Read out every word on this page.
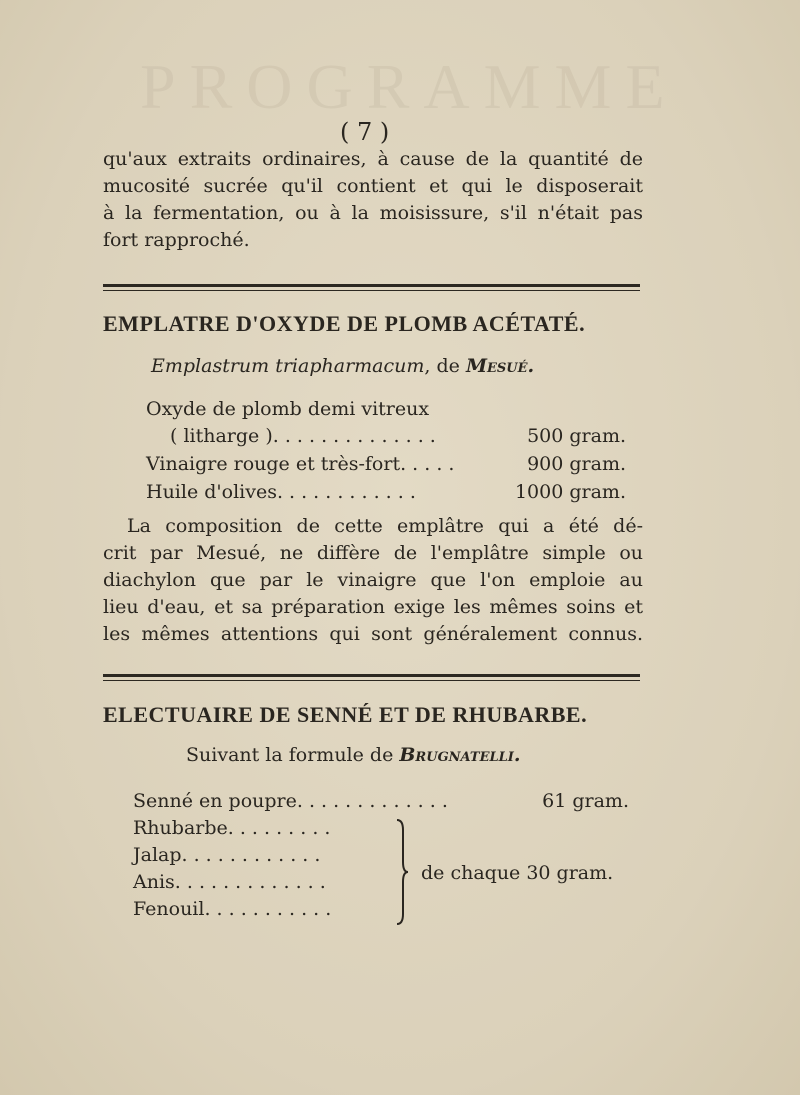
PROGRAMME
( 7 )
qu'aux extraits ordinaires, à cause de la quantité de
mucosité sucrée qu'il contient et qui le disposerait
à la fermentation, ou à la moisissure, s'il n'était pas
fort rapproché.
EMPLATRE D'OXYDE DE PLOMB ACÉTATÉ.
Emplastrum triapharmacum, de Mesué.
Oxyde de plomb demi vitreux
( litharge ). . . . . . . . . . . . . .	500 gram.
Vinaigre rouge et très-fort. . . . .	900 gram.
Huile d'olives. . . . . . . . . . . .	1000 gram.
La composition de cette emplâtre qui a été dé-
crit par Mesué, ne diffère de l'emplâtre simple ou
diachylon que par le vinaigre que l'on emploie au
lieu d'eau, et sa préparation exige les mêmes soins et
les mêmes attentions qui sont généralement connus.
ELECTUAIRE DE SENNÉ ET DE RHUBARBE.
Suivant la formule de Brugnatelli.
Senné en poupre. . . . . . . . . . . . .	61 gram.
Rhubarbe. . . . . . . . .
Jalap. . . . . . . . . . . .
Anis. . . . . . . . . . . . .
Fenouil. . . . . . . . . . .
de chaque 30 gram.
